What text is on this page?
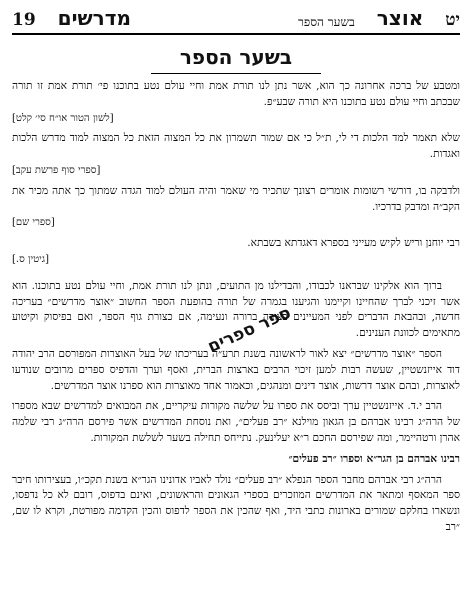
19 מדרשים	בשער הספר אוצר יט
בשער הספר
ומטבע של ברכה אחרונה כך הוא, אשר נתן לנו תורת אמת וחיי עולם נטע בתוכנו פי׳ תורת אמת זו תורה שבכתב וחיי עולם נטע בתוכנו היא תורה שבע״פ.
[לשון הטור או״ח סי׳ קלט]
שלא תאמר למד הלכות די לי, ת״ל כי אם שמור תשמרון את כל המצוה הזאת כל המצוה למוד מדרש הלכות ואגדות.
[ספרי סוף פרשת עקב]
ולדבקה בו, דורשי רשומות אומרים רצונך שתכיר מי שאמר והיה העולם למוד הגדה שמתוך כך אתה מכיר את הקב״ה ומדבק בדרכיו.
[ספרי שם]
רבי יוחנן וריש לקיש מעייני בספרא דאגדתא בשבתא.
[גיטין ס.]

ברוך הוא אלקינו שבראנו לכבודו, והבדילנו מן התועים, ונתן לנו תורת אמת, וחיי עולם נטע בתוכנו. הוא אשר זיכני לברך שהחיינו וקיימנו והגיענו בגמרה של תורה בהופעת הספר החשוב ״אוצר מדרשים״ בעריכה חדשה, ובהבאת הדברים לפני המעיינים בצורה ברורה ונעימה, אם כצורת גוף הספר, ואם בפיסוק וקיטוע מתאימים לכוונת הענינים.

הספר ״אוצר מדרשים״ יצא לאור לראשונה בשנת תרע״ה בעריכתו של בעל האוצרות המפורסם הרב יהודה דוד אייזנשטיין, שעשה רבות למען זיכוי הרבים בארצות הברית, ואסף וערך והדפיס ספרים מרובים שנודעו לאוצרות, ובהם אוצר דרשות, אוצר דינים ומנהגים, וכאמור אחד מאוצרות הוא ספרנו אוצר המדרשים.

הרב י.ד. אייזנשטיין ערך וביסס את ספרו על שלשה מקורות עיקריים, את המבואים למדרשים שבא מספרו של הרה״ג רבינו אברהם בן הגאון מוילנא ״רב פעלים״, ואת נוסחת המדרשים אשר פירסם הרה״ג רבי שלמה אהרן ורטהיימר, ומה שפירסם החכם ר״א יעלינעק. נתייחס תחילה בשער לשלשת המקורות.

רבינו אברהם בן הגר״א וספרו ״רב פעלים״

הרה״ג רבי אברהם מחבר הספר הנפלא ״רב פעלים״ נולד לאביו אדונינו הגר״א בשנת תקכ״ו, בעצירותו חיבר ספר המאסף ומתאר את המדרשים המוזכרים בספרי הגאונים והראשונים, ואינם בדפוס, רובם לא כל נדפסו, ונשארו בחלקם שמורים בארונות כתבי היד, ואף שהכין את הספר לדפוס והכין הקדמה מפורטת, וקרא לו שם, ״רב

ספר ספרים
